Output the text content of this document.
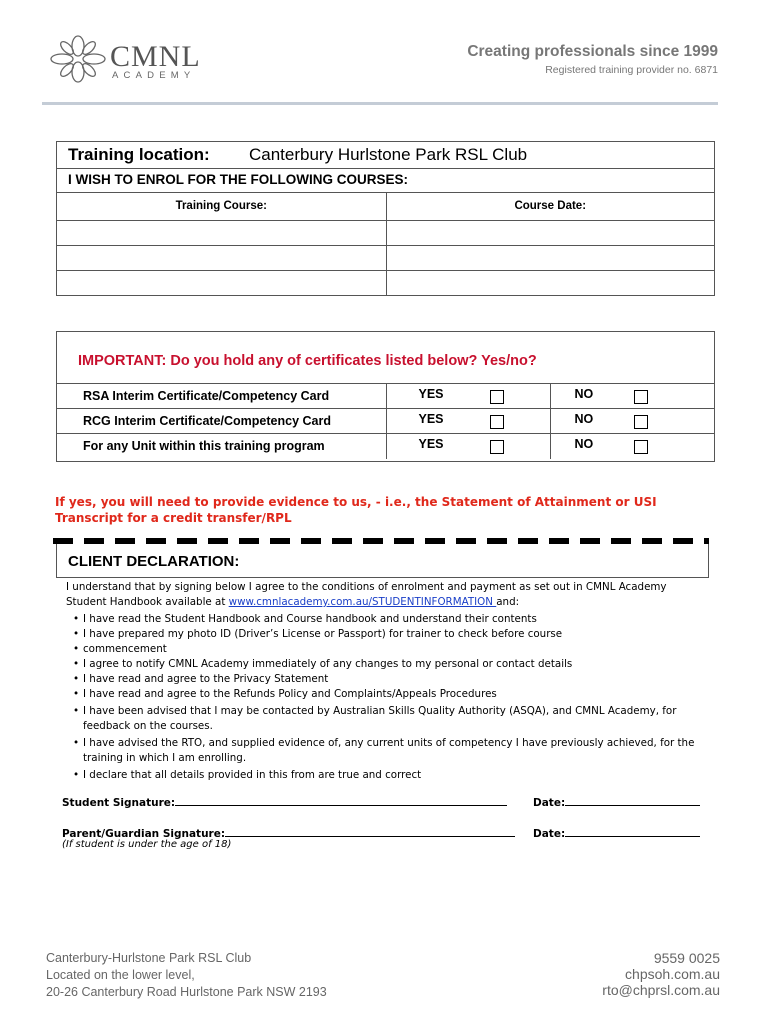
CMNL
ACADEMY
Creating professionals since 1999
Registered training provider no. 6871
Training location: Canterbury Hurlstone Park RSL Club
I WISH TO ENROL FOR THE FOLLOWING COURSES:
Training Course:	Course Date:

IMPORTANT: Do you hold any of certificates listed below? Yes/no?
RSA Interim Certificate/Competency Card	YES		NO	
RCG Interim Certificate/Competency Card	YES		NO	
For any Unit within this training program	YES		NO	
If yes, you will need to provide evidence to us, - i.e., the Statement of Attainment or USI Transcript for a credit transfer/RPL
CLIENT DECLARATION:
I understand that by signing below I agree to the conditions of enrolment and payment as set out in CMNL Academy Student Handbook available at www.cmnlacademy.com.au/STUDENTINFORMATION and:
• I have read the Student Handbook and Course handbook and understand their contents
• I have prepared my photo ID (Driver’s License or Passport) for trainer to check before course
• commencement
• I agree to notify CMNL Academy immediately of any changes to my personal or contact details
• I have read and agree to the Privacy Statement
• I have read and agree to the Refunds Policy and Complaints/Appeals Procedures
• I have been advised that I may be contacted by Australian Skills Quality Authority (ASQA), and CMNL Academy, for feedback on the courses.
• I have advised the RTO, and supplied evidence of, any current units of competency I have previously achieved, for the training in which I am enrolling.
• I declare that all details provided in this from are true and correct
Student Signature:	Date:
Parent/Guardian Signature:	Date:
(If student is under the age of 18)
Canterbury-Hurlstone Park RSL Club
Located on the lower level,
20-26 Canterbury Road Hurlstone Park NSW 2193
9559 0025
chpsoh.com.au
rto@chprsl.com.au
